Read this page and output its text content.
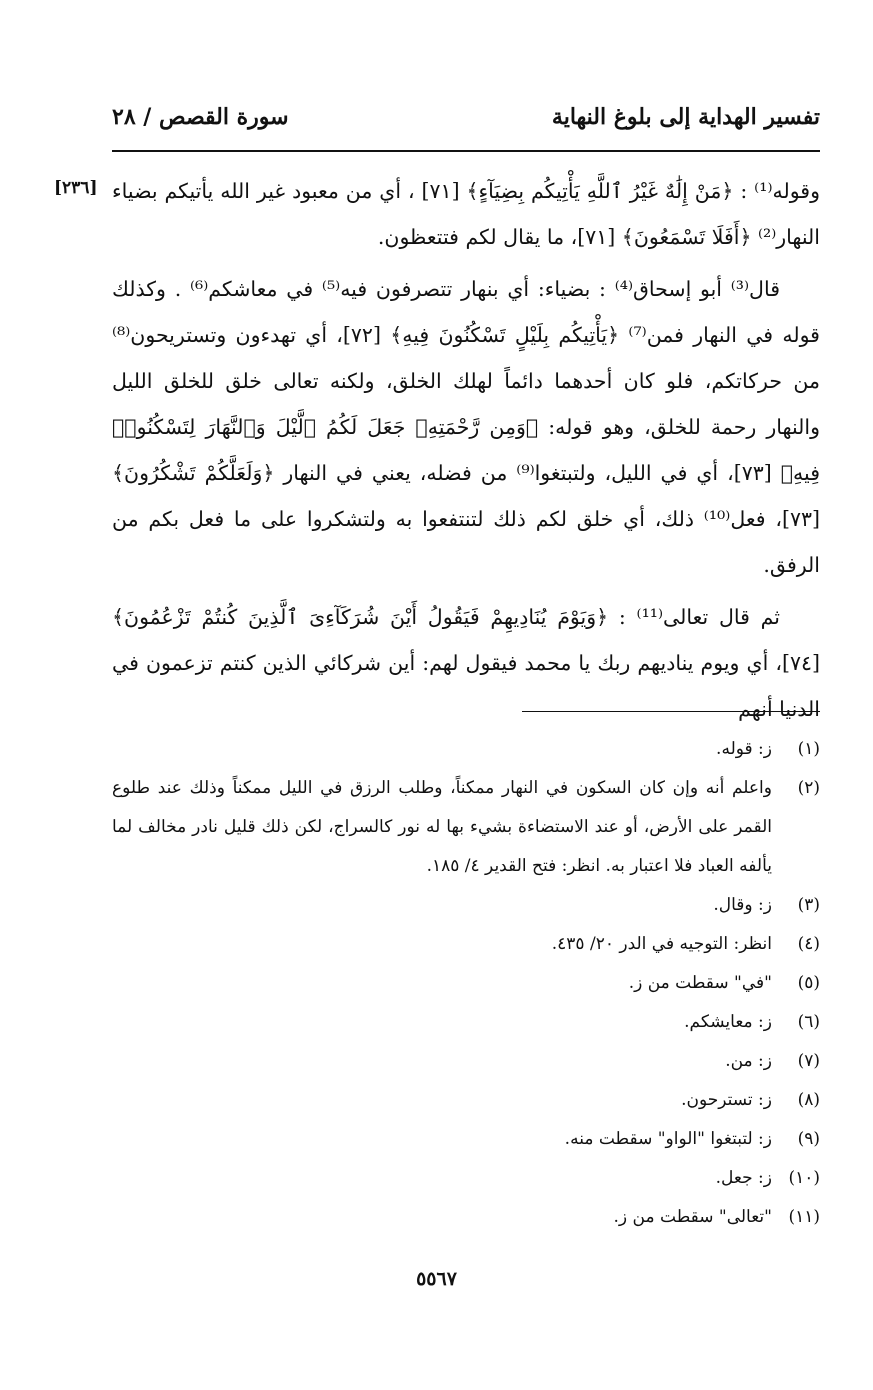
تفسير الهداية إلى بلوغ النهاية
سورة القصص / ٢٨
[٢٣٦] وقوله⁽¹⁾ : ﴿مَنْ إِلَٰهٌ غَيْرُ ٱللَّهِ يَأْتِيكُم بِضِيَآءٍ﴾ [٧١] ، أي من معبود غير الله يأتيكم بضياء النهار⁽²⁾ ﴿أَفَلَا تَسْمَعُونَ﴾ [٧١]، ما يقال لكم فتتعظون.

قال⁽³⁾ أبو إسحاق⁽⁴⁾ : بضياء: أي بنهار تتصرفون فيه⁽⁵⁾ في معاشكم⁽⁶⁾ . وكذلك قوله في النهار فمن⁽⁷⁾ ﴿يَأْتِيكُم بِلَيْلٍ تَسْكُنُونَ فِيهِ﴾ [٧٢]، أي تهدءون وتستريحون⁽⁸⁾ من حركاتكم، فلو كان أحدهما دائماً لهلك الخلق، ولكنه تعالى خلق للخلق الليل والنهار رحمة للخلق، وهو قوله: ﴿وَمِن رَّحْمَتِهِۦ جَعَلَ لَكُمُ ٱلَّيْلَ وَٱلنَّهَارَ لِتَسْكُنُوا۟ فِيهِ﴾ [٧٣]، أي في الليل، ولتبتغوا⁽⁹⁾ من فضله، يعني في النهار ﴿وَلَعَلَّكُمْ تَشْكُرُونَ﴾ [٧٣]، فعل⁽¹⁰⁾ ذلك، أي خلق لكم ذلك لتنتفعوا به ولتشكروا على ما فعل بكم من الرفق.

ثم قال تعالى⁽¹¹⁾ : ﴿وَيَوْمَ يُنَادِيهِمْ فَيَقُولُ أَيْنَ شُرَكَآءِىَ ٱلَّذِينَ كُنتُمْ تَزْعُمُونَ﴾ [٧٤]، أي ويوم يناديهم ربك يا محمد فيقول لهم: أين شركائي الذين كنتم تزعمون في الدنيا أنهم

(١)
ز: قوله.
(٢)
واعلم أنه وإن كان السكون في النهار ممكناً، وطلب الرزق في الليل ممكناً وذلك عند طلوع القمر على الأرض، أو عند الاستضاءة بشيء بها له نور كالسراج، لكن ذلك قليل نادر مخالف لما يألفه العباد فلا اعتبار به. انظر: فتح القدير ٤/ ١٨٥.
(٣)
ز: وقال.
(٤)
انظر: التوجيه في الدر ٢٠/ ٤٣٥.
(٥)
"في" سقطت من ز.
(٦)
ز: معايشكم.
(٧)
ز: من.
(٨)
ز: تسترحون.
(٩)
ز: لتبتغوا "الواو" سقطت منه.
(١٠)
ز: جعل.
(١١)
"تعالى" سقطت من ز.
٥٥٦٧
